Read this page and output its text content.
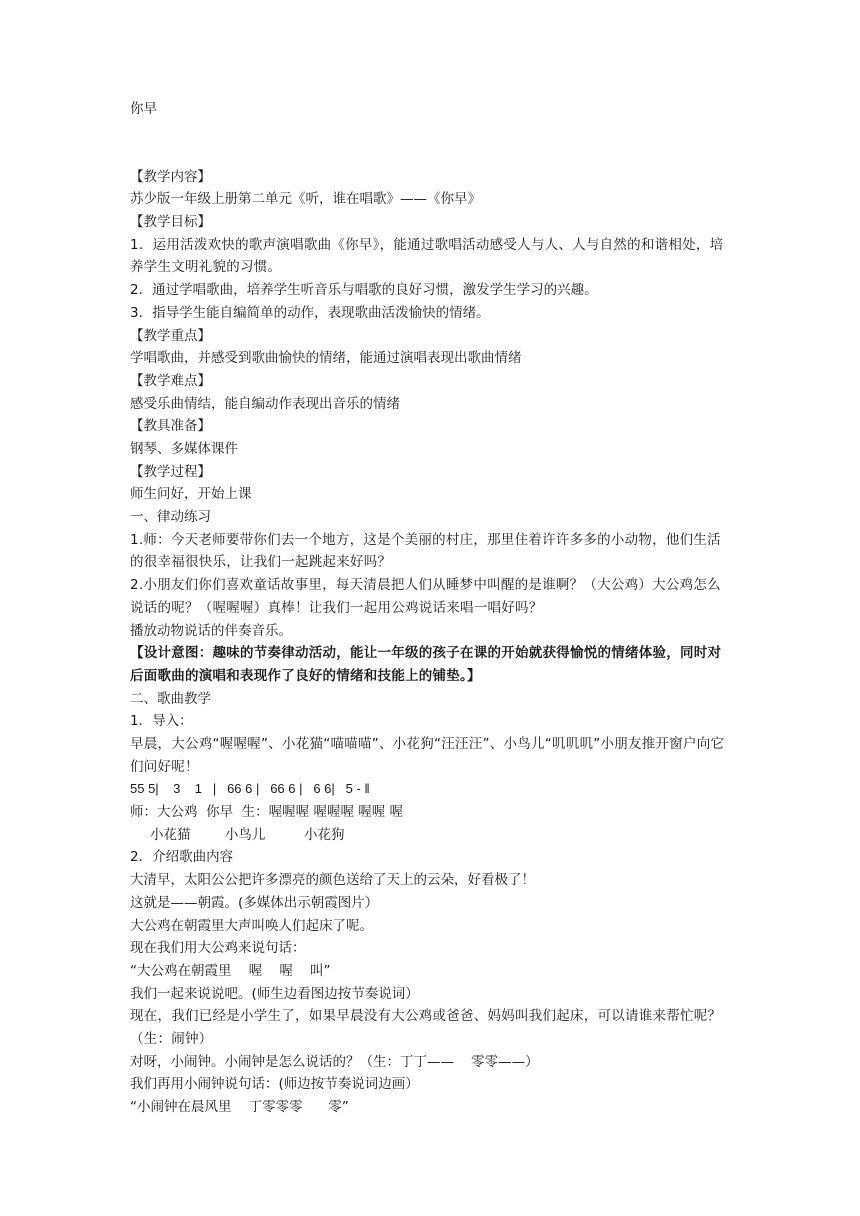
你早
【教学内容】
苏少版一年级上册第二单元《听，谁在唱歌》——《你早》
【教学目标】
1．运用活泼欢快的歌声演唱歌曲《你早》，能通过歌唱活动感受人与人、人与自然的和谐相处，培养学生文明礼貌的习惯。
2．通过学唱歌曲，培养学生听音乐与唱歌的良好习惯，激发学生学习的兴趣。
3．指导学生能自编简单的动作，表现歌曲活泼愉快的情绪。
【教学重点】
学唱歌曲，并感受到歌曲愉快的情绪，能通过演唱表现出歌曲情绪
【教学难点】
感受乐曲情结，能自编动作表现出音乐的情绪
【教具准备】
钢琴、多媒体课件
【教学过程】
师生问好，开始上课
一、律动练习
1.师：今天老师要带你们去一个地方，这是个美丽的村庄，那里住着许许多多的小动物，他们生活的很幸福很快乐，让我们一起跳起来好吗？
2.小朋友们你们喜欢童话故事里，每天清晨把人们从睡梦中叫醒的是谁啊？（大公鸡）大公鸡怎么说话的呢？（喔喔喔）真棒！让我们一起用公鸡说话来唱一唱好吗？
播放动物说话的伴奏音乐。
【设计意图：趣味的节奏律动活动，能让一年级的孩子在课的开始就获得愉悦的情绪体验，同时对后面歌曲的演唱和表现作了良好的情绪和技能上的铺垫。】
二、歌曲教学
1．导入：
早晨，大公鸡“喔喔喔”、小花猫“喵喵喵”、小花狗“汪汪汪”、小鸟儿“叽叽叽”小朋友推开窗户向它们问好呢！
55 5|    3    1   |   66 6 |   66 6 |   6 6|   5 - ‖
师：大公鸡  你早  生：喔喔喔 喔喔喔 喔喔 喔
小花猫        小鸟儿         小花狗
2．介绍歌曲内容
大清早，太阳公公把许多漂亮的颜色送给了天上的云朵，好看极了！
这就是——朝霞。(多媒体出示朝霞图片）
大公鸡在朝霞里大声叫唤人们起床了呢。
现在我们用大公鸡来说句话：
“大公鸡在朝霞里    喔    喔    叫”
我们一起来说说吧。(师生边看图边按节奏说词）
现在，我们已经是小学生了，如果早晨没有大公鸡或爸爸、妈妈叫我们起床，可以请谁来帮忙呢？（生：闹钟）
对呀，小闹钟。小闹钟是怎么说话的？（生：丁丁——    零零——）
我们再用小闹钟说句话：(师边按节奏说词边画）
“小闹钟在晨风里    丁零零零      零”
